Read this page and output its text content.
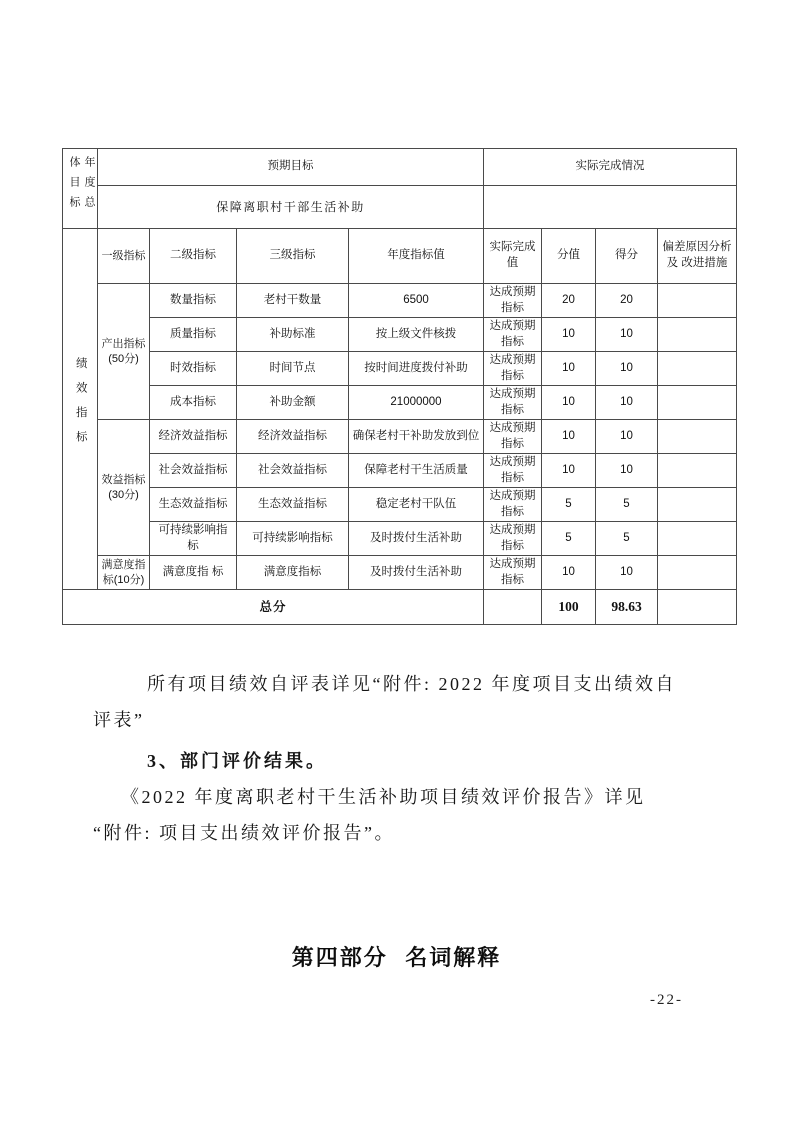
年度总体目标	预期目标				实际完成情况			
	保障离职村干部生活补助							
绩效指标	一级指标	二级指标	三级指标	年度指标值	实际完成值	分值	得分	偏差原因分析及 改进措施
	产出指标(50分)	数量指标	老村干数量	6500	达成预期指标	20	20	
		质量指标	补助标准	按上级文件核拨	达成预期指标	10	10	
		时效指标	时间节点	按时间进度拨付补助	达成预期指标	10	10	
		成本指标	补助金额	21000000	达成预期指标	10	10	
	效益指标(30分)	经济效益指标	经济效益指标	确保老村干补助发放到位	达成预期指标	10	10	
		社会效益指标	社会效益指标	保障老村干生活质量	达成预期指标	10	10	
		生态效益指标	生态效益指标	稳定老村干队伍	达成预期指标	5	5	
		可持续影响指标	可持续影响指标	及时拨付生活补助	达成预期指标	5	5	
	满意度指标(10分)	满意度指 标	满意度指标	及时拨付生活补助	达成预期指标	10	10	
总分						100	98.63	
所有项目绩效自评表详见“附件: 2022 年度项目支出绩效自
评表”
3、部门评价结果。
《2022 年度离职老村干生活补助项目绩效评价报告》详见
“附件: 项目支出绩效评价报告”。
第四部分 名词解释
-22-
